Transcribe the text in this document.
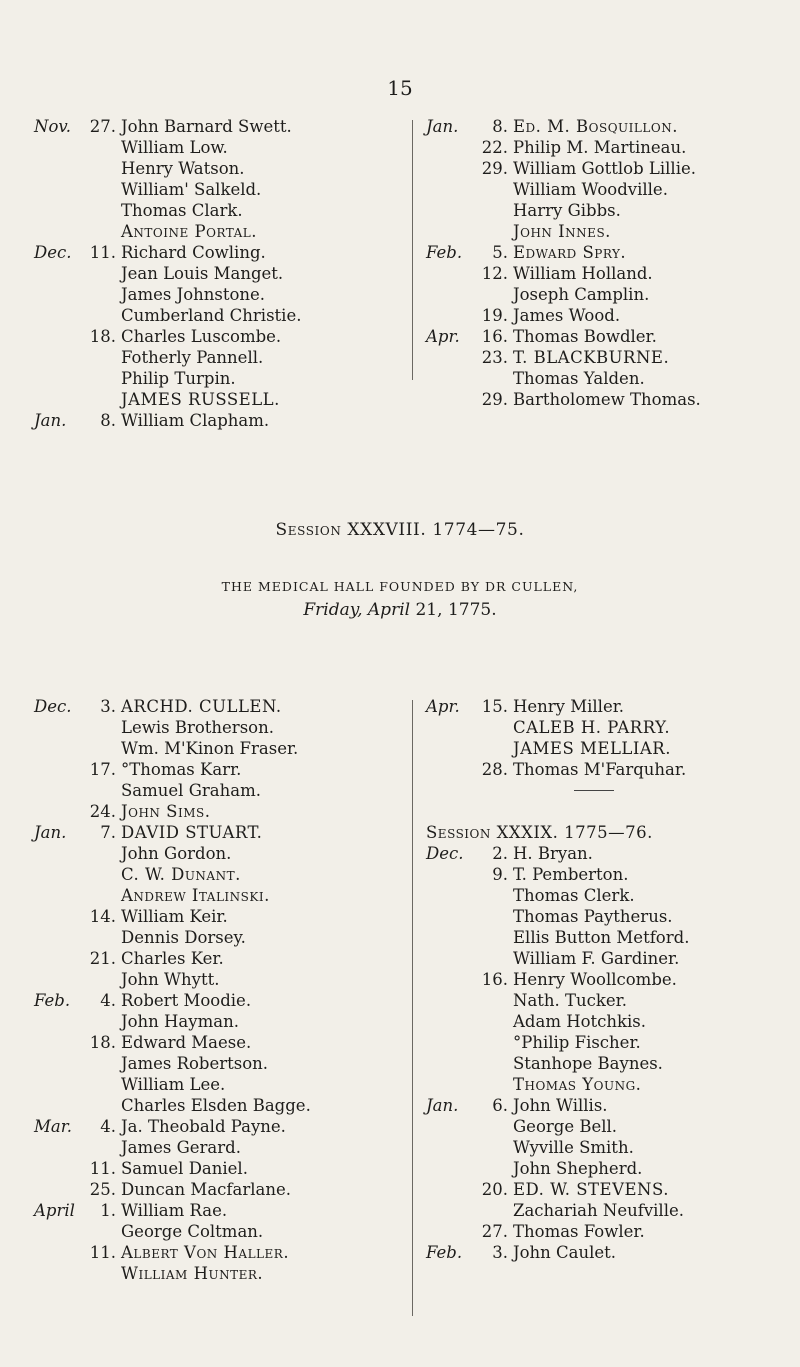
15
Nov.	27. John Barnard Swett.
William Low.
Henry Watson.
William' Salkeld.
Thomas Clark.
Antoine Portal.
Dec.	11. Richard Cowling.
Jean Louis Manget.
James Johnstone.
Cumberland Christie.
18. Charles Luscombe.
Fotherly Pannell.
Philip Turpin.
JAMES RUSSELL.
Jan.	8. William Clapham.
Jan.	8. Ed. M. Bosquillon.
22. Philip M. Martineau.
29. William Gottlob Lillie.
William Woodville.
Harry Gibbs.
John Innes.
Feb.	5. Edward Spry.
12. William Holland.
Joseph Camplin.
19. James Wood.
Apr.	16. Thomas Bowdler.
23. T. BLACKBURNE.
Thomas Yalden.
29. Bartholomew Thomas.
Session XXXVIII. 1774—75.
THE MEDICAL HALL FOUNDED BY DR CULLEN,
Friday, April 21, 1775.
Dec.	3. ARCHD. CULLEN.
Lewis Brotherson.
Wm. M'Kinon Fraser.
17. °Thomas Karr.
Samuel Graham.
24. John Sims.
Jan.	7. DAVID STUART.
John Gordon.
C. W. Dunant.
Andrew Italinski.
14. William Keir.
Dennis Dorsey.
21. Charles Ker.
John Whytt.
Feb.	4. Robert Moodie.
John Hayman.
18. Edward Maese.
James Robertson.
William Lee.
Charles Elsden Bagge.
Mar.	4. Ja. Theobald Payne.
James Gerard.
11. Samuel Daniel.
25. Duncan Macfarlane.
April	1. William Rae.
George Coltman.
11. Albert Von Haller.
William Hunter.
Apr.	15. Henry Miller.
CALEB H. PARRY.
JAMES MELLIAR.
28. Thomas M'Farquhar.
Session XXXIX. 1775—76.
Dec.	2. H. Bryan.
9. T. Pemberton.
Thomas Clerk.
Thomas Paytherus.
Ellis Button Metford.
William F. Gardiner.
16. Henry Woollcombe.
Nath. Tucker.
Adam Hotchkis.
°Philip Fischer.
Stanhope Baynes.
Thomas Young.
Jan.	6. John Willis.
George Bell.
Wyville Smith.
John Shepherd.
20. ED. W. STEVENS.
Zachariah Neufville.
27. Thomas Fowler.
Feb.	3. John Caulet.
